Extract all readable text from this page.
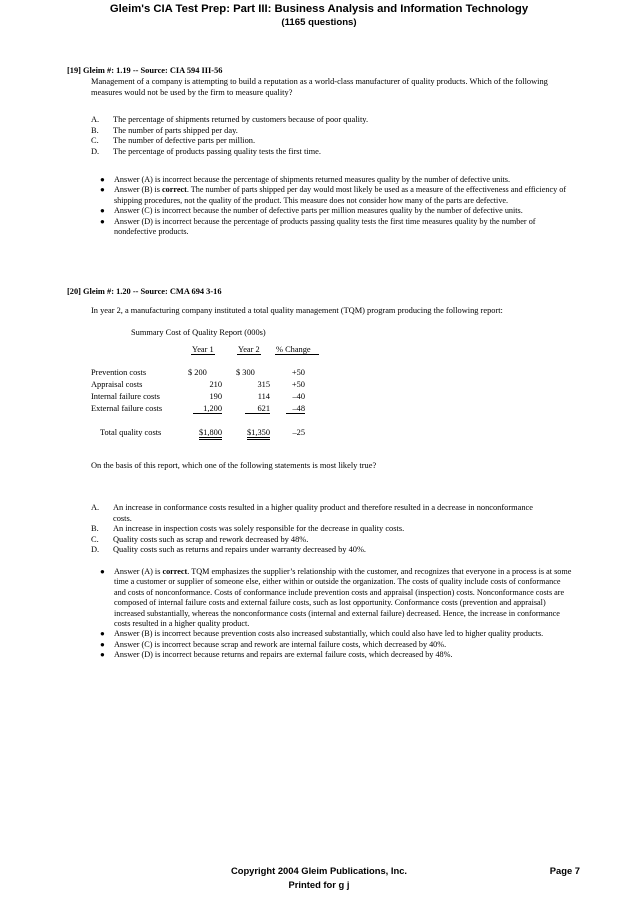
Gleim's CIA Test Prep: Part III: Business Analysis and Information Technology
(1165 questions)
[19] Gleim #: 1.19 -- Source: CIA 594 III-56
Management of a company is attempting to build a reputation as a world-class manufacturer of quality products. Which of the following measures would not be used by the firm to measure quality?
A.	The percentage of shipments returned by customers because of poor quality.
B.	The number of parts shipped per day.
C.	The number of defective parts per million.
D.	The percentage of products passing quality tests the first time.
●	Answer (A) is incorrect because the percentage of shipments returned measures quality by the number of defective units.
●	Answer (B) is correct. The number of parts shipped per day would most likely be used as a measure of the effectiveness and efficiency of shipping procedures, not the quality of the product. This measure does not consider how many of the parts are defective.
●	Answer (C) is incorrect because the number of defective parts per million measures quality by the number of defective units.
●	Answer (D) is incorrect because the percentage of products passing quality tests the first time measures quality by the number of nondefective products.
[20] Gleim #: 1.20 -- Source: CMA 694 3-16
In year 2, a manufacturing company instituted a total quality management (TQM) program producing the following report:
Summary Cost of Quality Report (000s)
Year 1	Year 2 % Change
Prevention costs	$ 200	$ 300	+50
Appraisal costs	210	315	+50
Internal failure costs	190	114	–40
External failure costs	1,200	621	–48
Total quality costs	$1,800	$1,350	–25
On the basis of this report, which one of the following statements is most likely true?
A.	An increase in conformance costs resulted in a higher quality product and therefore resulted in a decrease in nonconformance costs.
B.	An increase in inspection costs was solely responsible for the decrease in quality costs.
C.	Quality costs such as scrap and rework decreased by 48%.
D.	Quality costs such as returns and repairs under warranty decreased by 40%.
●	Answer (A) is correct. TQM emphasizes the supplier’s relationship with the customer, and recognizes that everyone in a process is at some time a customer or supplier of someone else, either within or outside the organization. The costs of quality include costs of conformance and costs of nonconformance. Costs of conformance include prevention costs and appraisal (inspection) costs. Nonconformance costs are composed of internal failure costs and external failure costs, such as lost opportunity. Conformance costs (prevention and appraisal) increased substantially, whereas the nonconformance costs (internal and external failure) decreased. Hence, the increase in conformance costs resulted in a higher quality product.
●	Answer (B) is incorrect because prevention costs also increased substantially, which could also have led to higher quality products.
●	Answer (C) is incorrect because scrap and rework are internal failure costs, which decreased by 40%.
●	Answer (D) is incorrect because returns and repairs are external failure costs, which decreased by 48%.
Copyright 2004 Gleim Publications, Inc.
Printed for g j
Page 7
